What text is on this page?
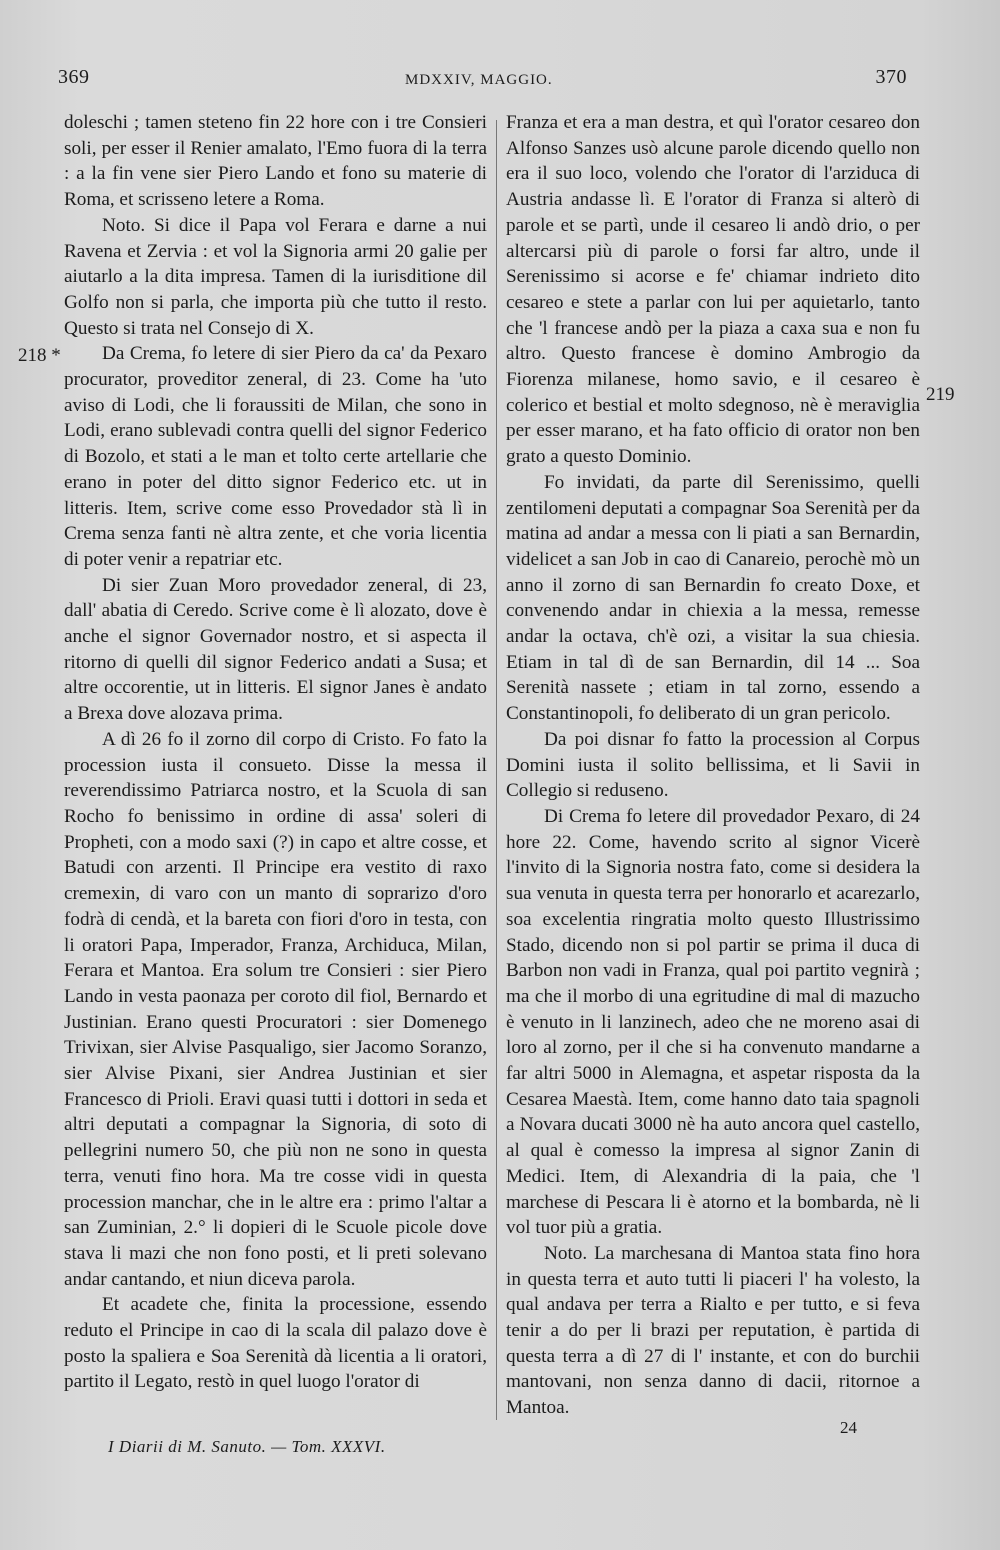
369	MDXXIV, MAGGIO.	370
218 *
219

doleschi ; tamen steteno fin 22 hore con i tre Consieri soli, per esser il Renier amalato, l'Emo fuora di la terra : a la fin vene sier Piero Lando et fono su materie di Roma, et scrisseno letere a Roma.

Noto. Si dice il Papa vol Ferara e darne a nui Ravena et Zervia : et vol la Signoria armi 20 galie per aiutarlo a la dita impresa. Tamen di la iurisditione dil Golfo non si parla, che importa più che tutto il resto. Questo si trata nel Consejo di X.

Da Crema, fo letere di sier Piero da ca' da Pexaro procurator, proveditor zeneral, di 23. Come ha 'uto aviso di Lodi, che li foraussiti de Milan, che sono in Lodi, erano sublevadi contra quelli del signor Federico di Bozolo, et stati a le man et tolto certe artellarie che erano in poter del ditto signor Federico etc. ut in litteris. Item, scrive come esso Provedador stà lì in Crema senza fanti nè altra zente, et che voria licentia di poter venir a repatriar etc.

Di sier Zuan Moro provedador zeneral, di 23, dall' abatia di Ceredo. Scrive come è lì alozato, dove è anche el signor Governador nostro, et si aspecta il ritorno di quelli dil signor Federico andati a Susa; et altre occorentie, ut in litteris. El signor Janes è andato a Brexa dove alozava prima.

A dì 26 fo il zorno dil corpo di Cristo. Fo fato la procession iusta il consueto. Disse la messa il reverendissimo Patriarca nostro, et la Scuola di san Rocho fo benissimo in ordine di assa' soleri di Propheti, con a modo saxi (?) in capo et altre cosse, et Batudi con arzenti. Il Principe era vestito di raxo cremexin, di varo con un manto di soprarizo d'oro fodrà di cendà, et la bareta con fiori d'oro in testa, con li oratori Papa, Imperador, Franza, Archiduca, Milan, Ferara et Mantoa. Era solum tre Consieri : sier Piero Lando in vesta paonaza per coroto dil fiol, Bernardo et Justinian. Erano questi Procuratori : sier Domenego Trivixan, sier Alvise Pasqualigo, sier Jacomo Soranzo, sier Alvise Pixani, sier Andrea Justinian et sier Francesco di Prioli. Eravi quasi tutti i dottori in seda et altri deputati a compagnar la Signoria, di soto di pellegrini numero 50, che più non ne sono in questa terra, venuti fino hora. Ma tre cosse vidi in questa procession manchar, che in le altre era : primo l'altar a san Zuminian, 2.° li dopieri di le Scuole picole dove stava li mazi che non fono posti, et li preti solevano andar cantando, et niun diceva parola.

Et acadete che, finita la processione, essendo reduto el Principe in cao di la scala dil palazo dove è posto la spaliera e Soa Serenità dà licentia a li oratori, partito il Legato, restò in quel luogo l'orator di

Franza et era a man destra, et quì l'orator cesareo don Alfonso Sanzes usò alcune parole dicendo quello non era il suo loco, volendo che l'orator di l'arziduca di Austria andasse lì. E l'orator di Franza si alterò di parole et se partì, unde il cesareo li andò drio, o per altercarsi più di parole o forsi far altro, unde il Serenissimo si acorse e fe' chiamar indrieto dito cesareo e stete a parlar con lui per aquietarlo, tanto che 'l francese andò per la piaza a caxa sua e non fu altro. Questo francese è domino Ambrogio da Fiorenza milanese, homo savio, e il cesareo è colerico et bestial et molto sdegnoso, nè è meraviglia per esser marano, et ha fato officio di orator non ben grato a questo Dominio.

Fo invidati, da parte dil Serenissimo, quelli zentilomeni deputati a compagnar Soa Serenità per da matina ad andar a messa con li piati a san Bernardin, videlicet a san Job in cao di Canareio, perochè mò un anno il zorno di san Bernardin fo creato Doxe, et convenendo andar in chiexia a la messa, remesse andar la octava, ch'è ozi, a visitar la sua chiesia. Etiam in tal dì de san Bernardin, dil 14 ... Soa Serenità nassete ; etiam in tal zorno, essendo a Constantinopoli, fo deliberato di un gran pericolo.

Da poi disnar fo fatto la procession al Corpus Domini iusta il solito bellissima, et li Savii in Collegio si reduseno.

Di Crema fo letere dil provedador Pexaro, di 24 hore 22. Come, havendo scrito al signor Vicerè l'invito di la Signoria nostra fato, come si desidera la sua venuta in questa terra per honorarlo et acarezarlo, soa excelentia ringratia molto questo Illustrissimo Stado, dicendo non si pol partir se prima il duca di Barbon non vadi in Franza, qual poi partito vegnirà ; ma che il morbo di una egritudine di mal di mazucho è venuto in li lanzinech, adeo che ne moreno asai di loro al zorno, per il che si ha convenuto mandarne a far altri 5000 in Alemagna, et aspetar risposta da la Cesarea Maestà. Item, come hanno dato taia spagnoli a Novara ducati 3000 nè ha auto ancora quel castello, al qual è comesso la impresa al signor Zanin di Medici. Item, di Alexandria di la paia, che 'l marchese di Pescara li è atorno et la bombarda, nè li vol tuor più a gratia.

Noto. La marchesana di Mantoa stata fino hora in questa terra et auto tutti li piaceri l' ha volesto, la qual andava per terra a Rialto e per tutto, e si feva tenir a do per li brazi per reputation, è partida di questa terra a dì 27 di l' instante, et con do burchii mantovani, non senza danno di dacii, ritornoe a Mantoa.

24
I Diarii di M. Sanuto. — Tom. XXXVI.
